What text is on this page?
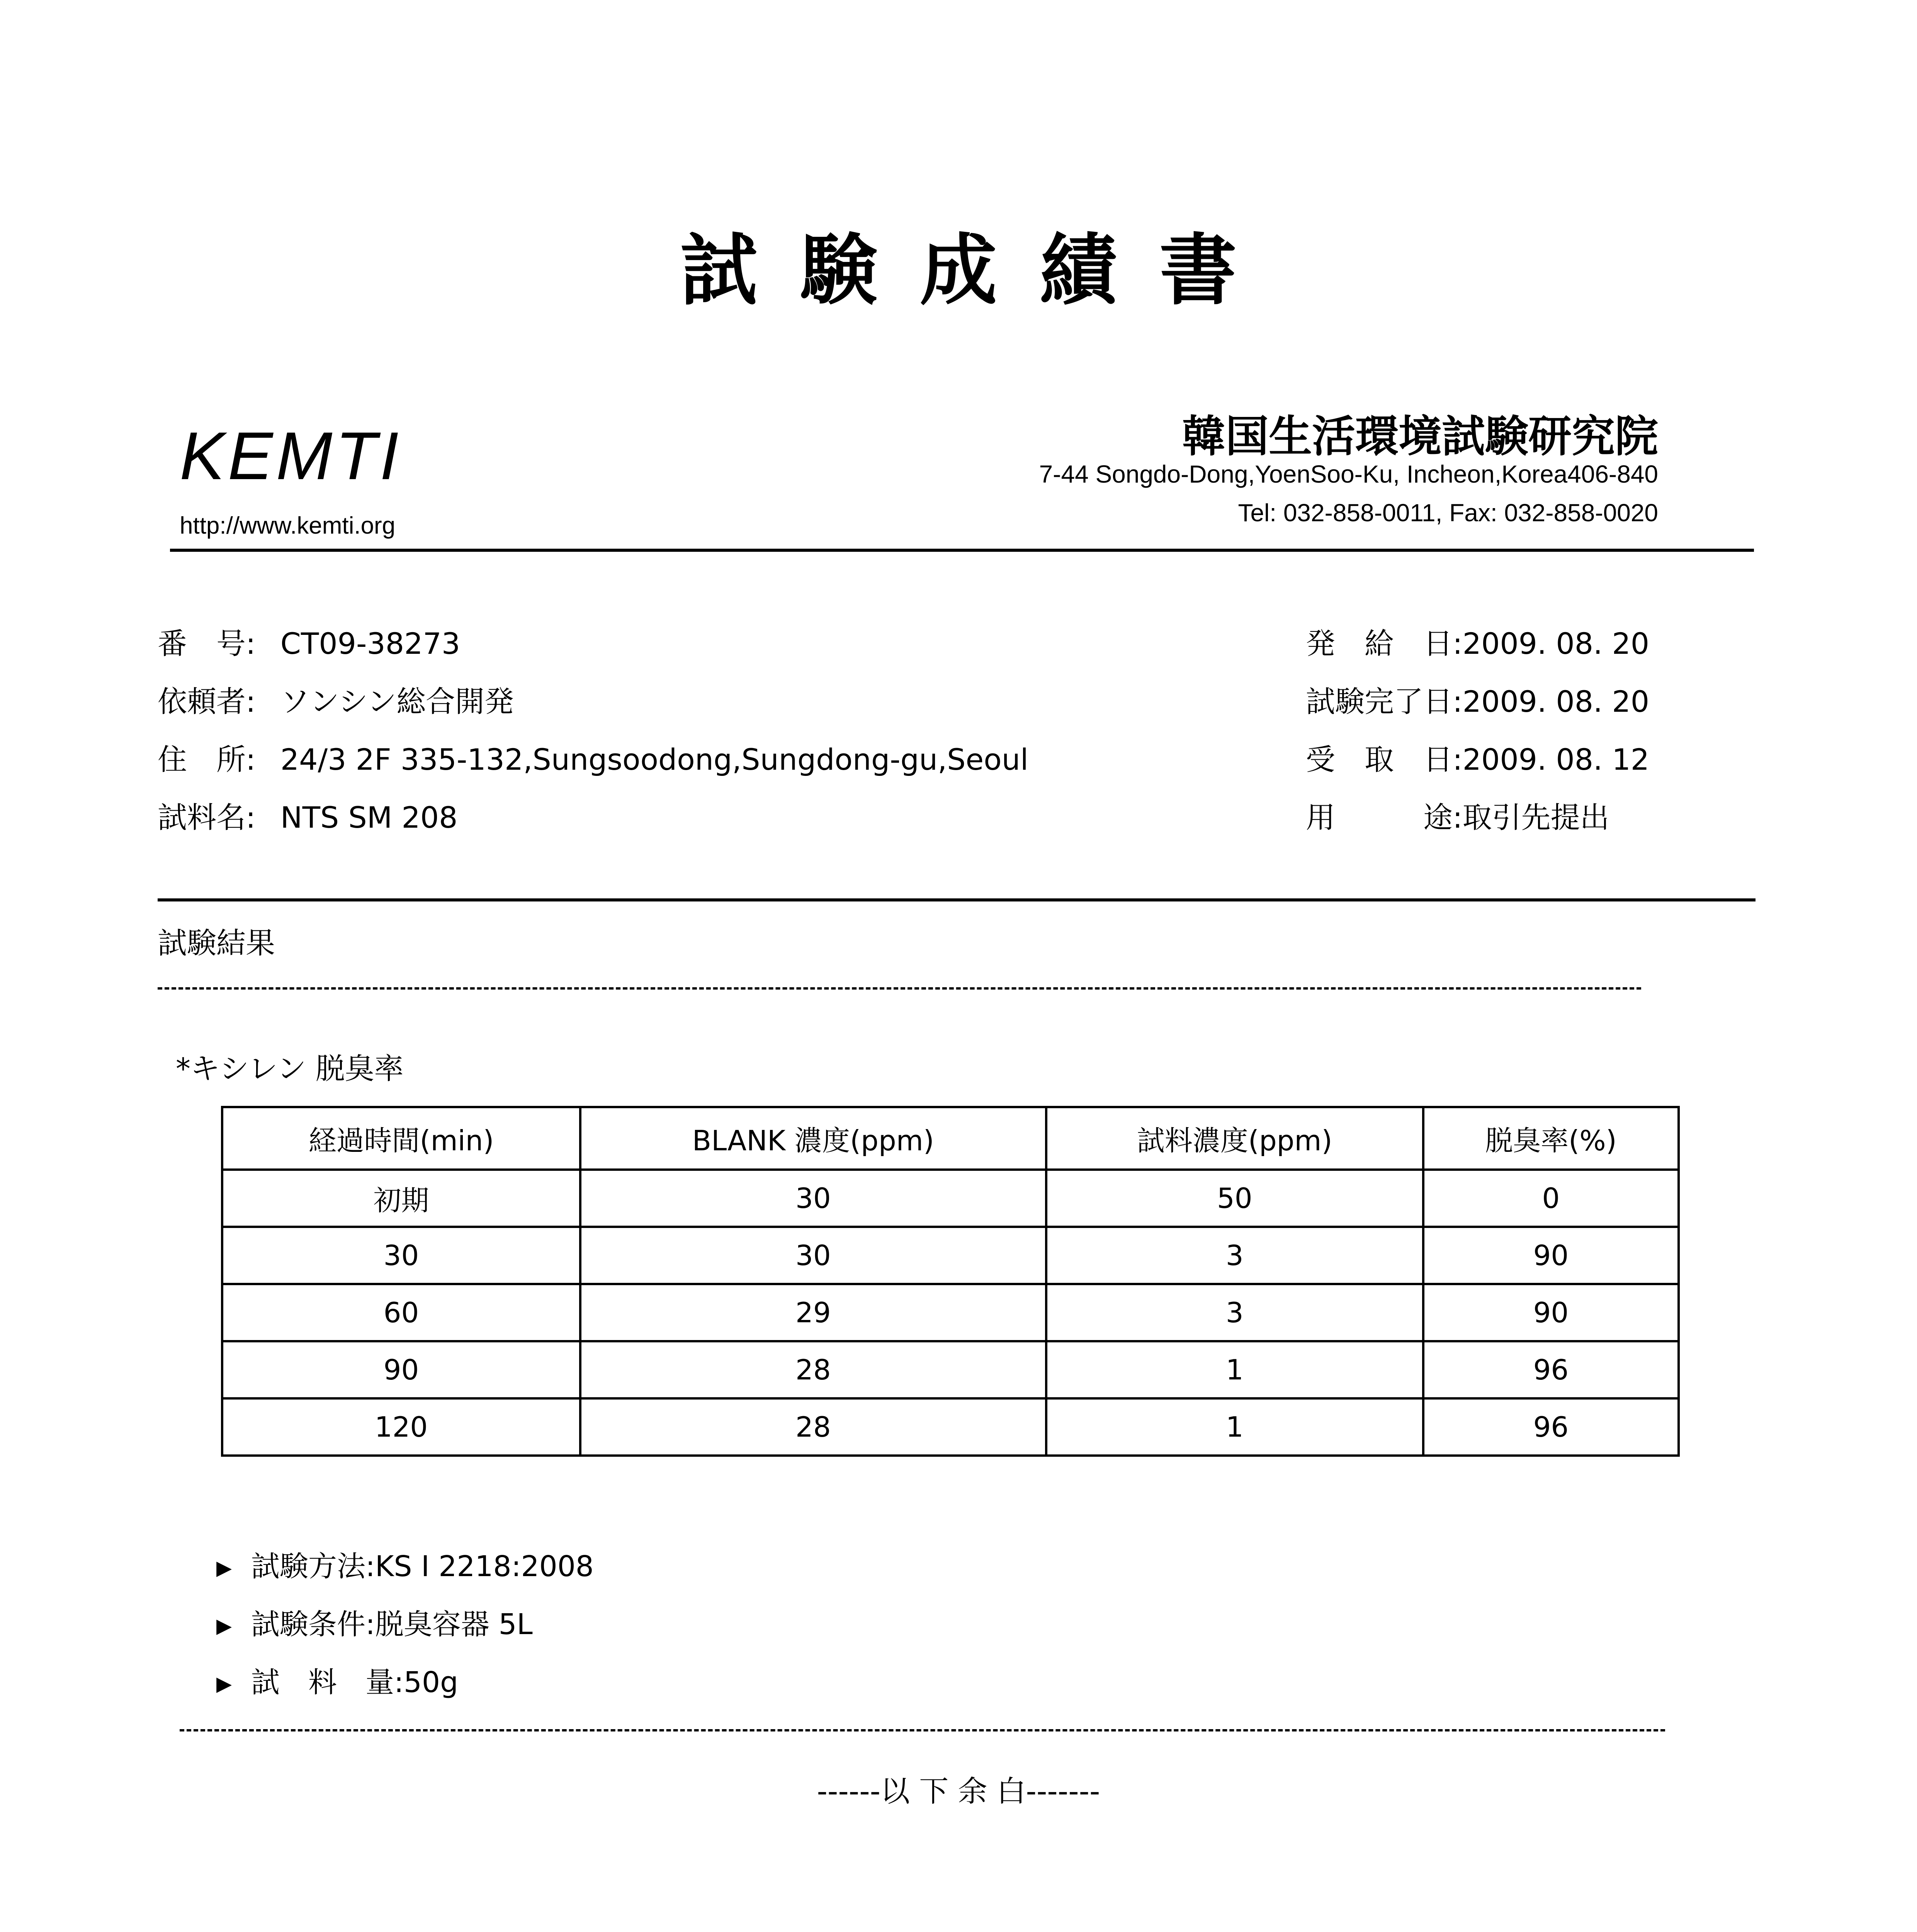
試験成績書
KEMTI
http://www.kemti.org
韓国生活環境試験研究院
7-44 Songdo-Dong,YoenSoo-Ku, Incheon,Korea406-840
Tel: 032-858-0011, Fax: 032-858-0020
番　号: CT09-38273
依頼者: ソンシン総合開発
住　所: 24/3 2F 335-132,Sungsoodong,Sungdong-gu,Seoul
試料名: NTS SM 208
発　給　日:2009. 08. 20
試験完了日:2009. 08. 20
受　取　日:2009. 08. 12
用　　　途:取引先提出
試験結果
*キシレン 脱臭率
経過時間(min)	BLANK 濃度(ppm)	試料濃度(ppm)	脱臭率(%)
初期	30	50	0
30	30	3	90
60	29	3	90
90	28	1	96
120	28	1	96
▶ 試験方法:KS I 2218:2008
▶ 試験条件:脱臭容器 5L
▶ 試　料　量:50g
------以 下 余 白-------
